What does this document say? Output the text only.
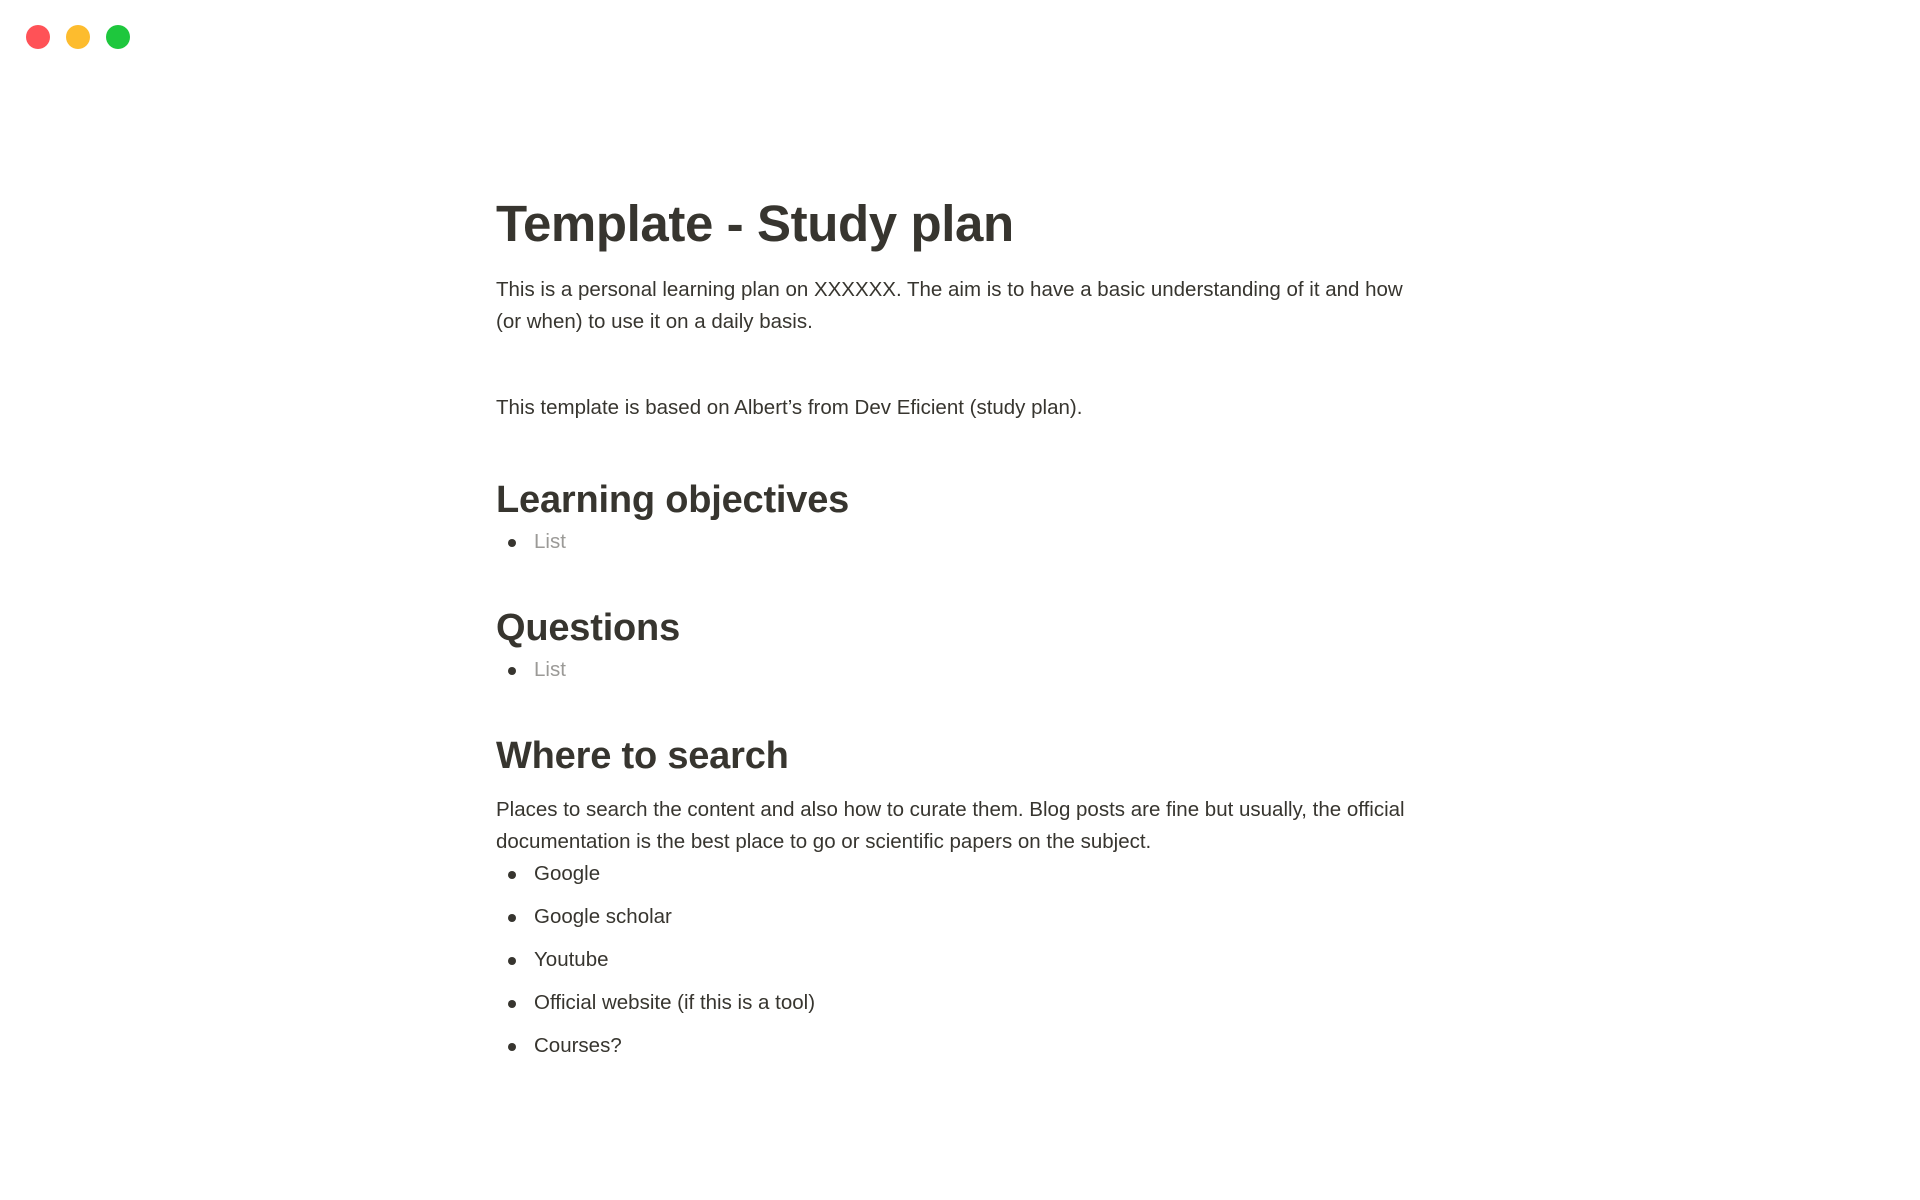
Template - Study plan

This is a personal learning plan on XXXXXX. The aim is to have a basic understanding of it and how (or when) to use it on a daily basis.

This template is based on Albert’s from Dev Eficient (study plan).

Learning objectives
List
Questions
List
Where to search

Places to search the content and also how to curate them. Blog posts are fine but usually, the official documentation is the best place to go or scientific papers on the subject.

Google
Google scholar
Youtube
Official website (if this is a tool)
Courses?
